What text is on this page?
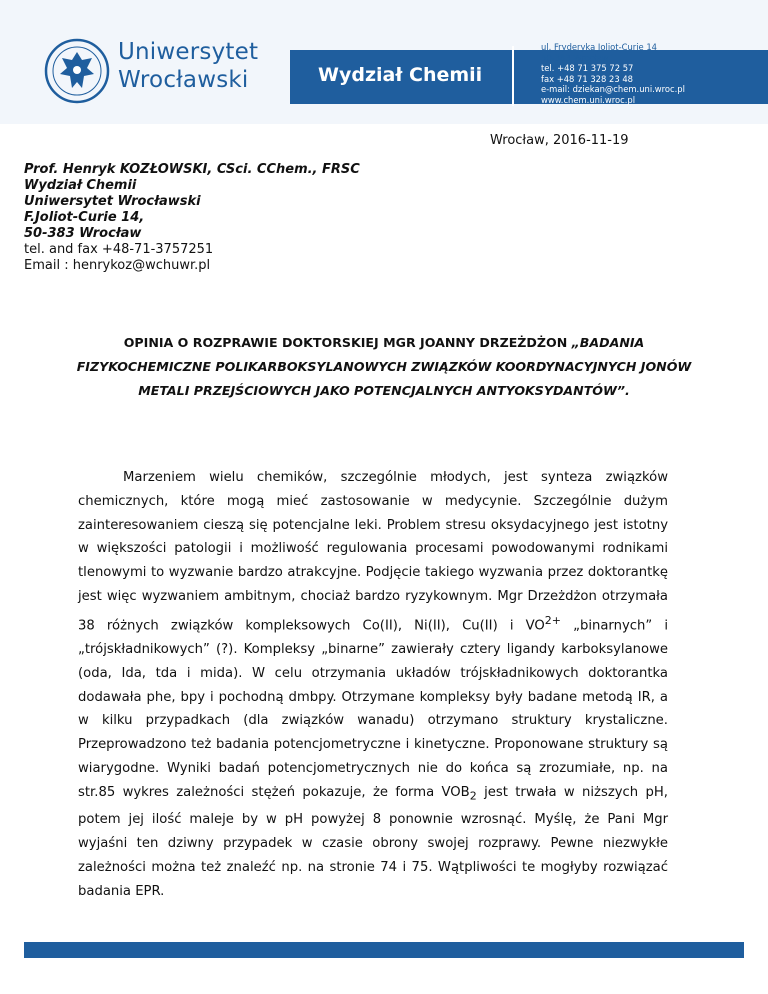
Uniwersytet
Wrocławski	Wydział Chemii
ul. Fryderyka Joliot-Curie 14
50-383 Wrocław
tel. +48 71 375 72 57
fax +48 71 328 23 48
e-mail: dziekan@chem.uni.wroc.pl
www.chem.uni.wroc.pl
Wrocław, 2016-11-19
Prof. Henryk KOZŁOWSKI, CSci. CChem., FRSC
Wydział Chemii
Uniwersytet Wrocławski
F.Joliot-Curie 14,
50-383 Wrocław
tel. and fax +48-71-3757251
Email : henrykoz@wchuwr.pl
OPINIA O ROZPRAWIE DOKTORSKIEJ MGR JOANNY DRZEŻDŻON „BADANIA FIZYKOCHEMICZNE POLIKARBOKSYLANOWYCH ZWIĄZKÓW KOORDYNACYJNYCH JONÓW METALI PRZEJŚCIOWYCH JAKO POTENCJALNYCH ANTYOKSYDANTÓW”.
Marzeniem wielu chemików, szczególnie młodych, jest synteza związków chemicznych, które mogą mieć zastosowanie w medycynie. Szczególnie dużym zainteresowaniem cieszą się potencjalne leki. Problem stresu oksydacyjnego jest istotny w większości patologii i możliwość regulowania procesami powodowanymi rodnikami tlenowymi to wyzwanie bardzo atrakcyjne. Podjęcie takiego wyzwania przez doktorantkę jest więc wyzwaniem ambitnym, chociaż bardzo ryzykownym. Mgr Drzeżdżon otrzymała 38 różnych związków kompleksowych Co(II), Ni(II), Cu(II) i $VO^{2+}$ „binarnych” i „trójskładnikowych” (?). Kompleksy „binarne” zawierały cztery ligandy karboksylanowe (oda, Ida, tda i mida). W celu otrzymania układów trójskładnikowych doktorantka dodawała phe, bpy i pochodną dmbpy. Otrzymane kompleksy były badane metodą IR, a w kilku przypadkach (dla związków wanadu) otrzymano struktury krystaliczne. Przeprowadzono też badania potencjometryczne i kinetyczne. Proponowane struktury są wiarygodne. Wyniki badań potencjometrycznych nie do końca są zrozumiałe, np. na str.85 wykres zależności stężeń pokazuje, że forma $VOB_2$ jest trwała w niższych pH, potem jej ilość maleje by w pH powyżej 8 ponownie wzrosnąć. Myślę, że Pani Mgr wyjaśni ten dziwny przypadek w czasie obrony swojej rozprawy. Pewne niezwykłe zależności można też znaleźć np. na stronie 74 i 75. Wątpliwości te mogłyby rozwiązać badania EPR.
